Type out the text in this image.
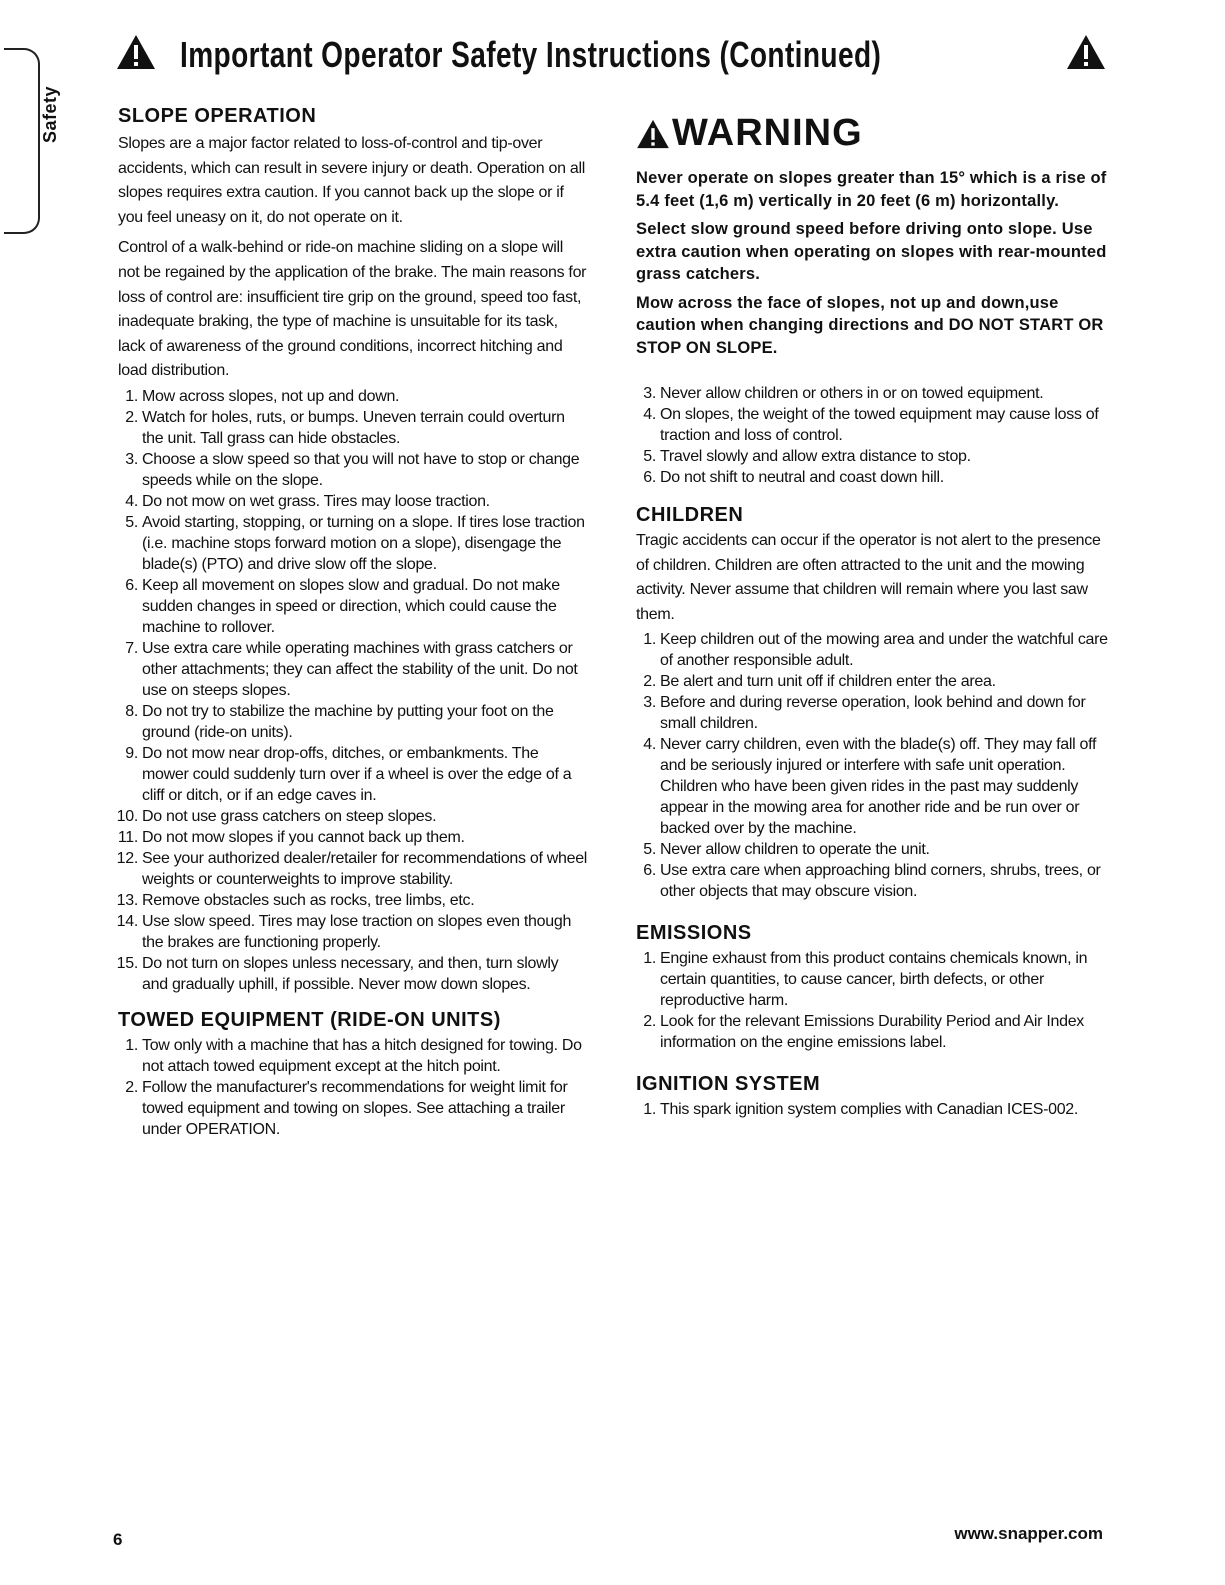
Safety
Important Operator Safety Instructions (Continued)
SLOPE OPERATION

Slopes are a major factor related to loss-of-control and tip-over accidents, which can result in severe injury or death. Operation on all slopes requires extra caution. If you cannot back up the slope or if you feel uneasy on it, do not operate on it.

Control of a walk-behind or ride-on machine sliding on a slope will not be regained by the application of the brake. The main reasons for loss of control are: insufficient tire grip on the ground, speed too fast, inadequate braking, the type of machine is unsuitable for its task, lack of awareness of the ground conditions, incorrect hitching and load distribution.

1. Mow across slopes, not up and down.
2. Watch for holes, ruts, or bumps. Uneven terrain could overturn the unit. Tall grass can hide obstacles.
3. Choose a slow speed so that you will not have to stop or change speeds while on the slope.
4. Do not mow on wet grass. Tires may loose traction.
5. Avoid starting, stopping, or turning on a slope. If tires lose traction (i.e. machine stops forward motion on a slope), disengage the blade(s) (PTO) and drive slow off the slope.
6. Keep all movement on slopes slow and gradual. Do not make sudden changes in speed or direction, which could cause the machine to rollover.
7. Use extra care while operating machines with grass catchers or other attachments; they can affect the stability of the unit. Do not use on steeps slopes.
8. Do not try to stabilize the machine by putting your foot on the ground (ride-on units).
9. Do not mow near drop-offs, ditches, or embankments. The mower could suddenly turn over if a wheel is over the edge of a cliff or ditch, or if an edge caves in.
10. Do not use grass catchers on steep slopes.
11. Do not mow slopes if you cannot back up them.
12. See your authorized dealer/retailer for recommendations of wheel weights or counterweights to improve stability.
13. Remove obstacles such as rocks, tree limbs, etc.
14. Use slow speed. Tires may lose traction on slopes even though the brakes are functioning properly.
15. Do not turn on slopes unless necessary, and then, turn slowly and gradually uphill, if possible. Never mow down slopes.
TOWED EQUIPMENT (RIDE-ON UNITS)
1. Tow only with a machine that has a hitch designed for towing. Do not attach towed equipment except at the hitch point.
2. Follow the manufacturer's recommendations for weight limit for towed equipment and towing on slopes. See attaching a trailer under OPERATION.
WARNING

Never operate on slopes greater than 15° which is a rise of 5.4 feet (1,6 m) vertically in 20 feet (6 m) horizontally.

Select slow ground speed before driving onto slope. Use extra caution when operating on slopes with rear-mounted grass catchers.

Mow across the face of slopes, not up and down,use caution when changing directions and DO NOT START OR STOP ON SLOPE.

3. Never allow children or others in or on towed equipment.
4. On slopes, the weight of the towed equipment may cause loss of traction and loss of control.
5. Travel slowly and allow extra distance to stop.
6. Do not shift to neutral and coast down hill.
CHILDREN

Tragic accidents can occur if the operator is not alert to the presence of children. Children are often attracted to the unit and the mowing activity. Never assume that children will remain where you last saw them.

1. Keep children out of the mowing area and under the watchful care of another responsible adult.
2. Be alert and turn unit off if children enter the area.
3. Before and during reverse operation, look behind and down for small children.
4. Never carry children, even with the blade(s) off. They may fall off and be seriously injured or interfere with safe unit operation. Children who have been given rides in the past may suddenly appear in the mowing area for another ride and be run over or backed over by the machine.
5. Never allow children to operate the unit.
6. Use extra care when approaching blind corners, shrubs, trees, or other objects that may obscure vision.
EMISSIONS
1. Engine exhaust from this product contains chemicals known, in certain quantities, to cause cancer, birth defects, or other reproductive harm.
2. Look for the relevant Emissions Durability Period and Air Index information on the engine emissions label.
IGNITION SYSTEM
1. This spark ignition system complies with Canadian ICES-002.
6	www.snapper.com
